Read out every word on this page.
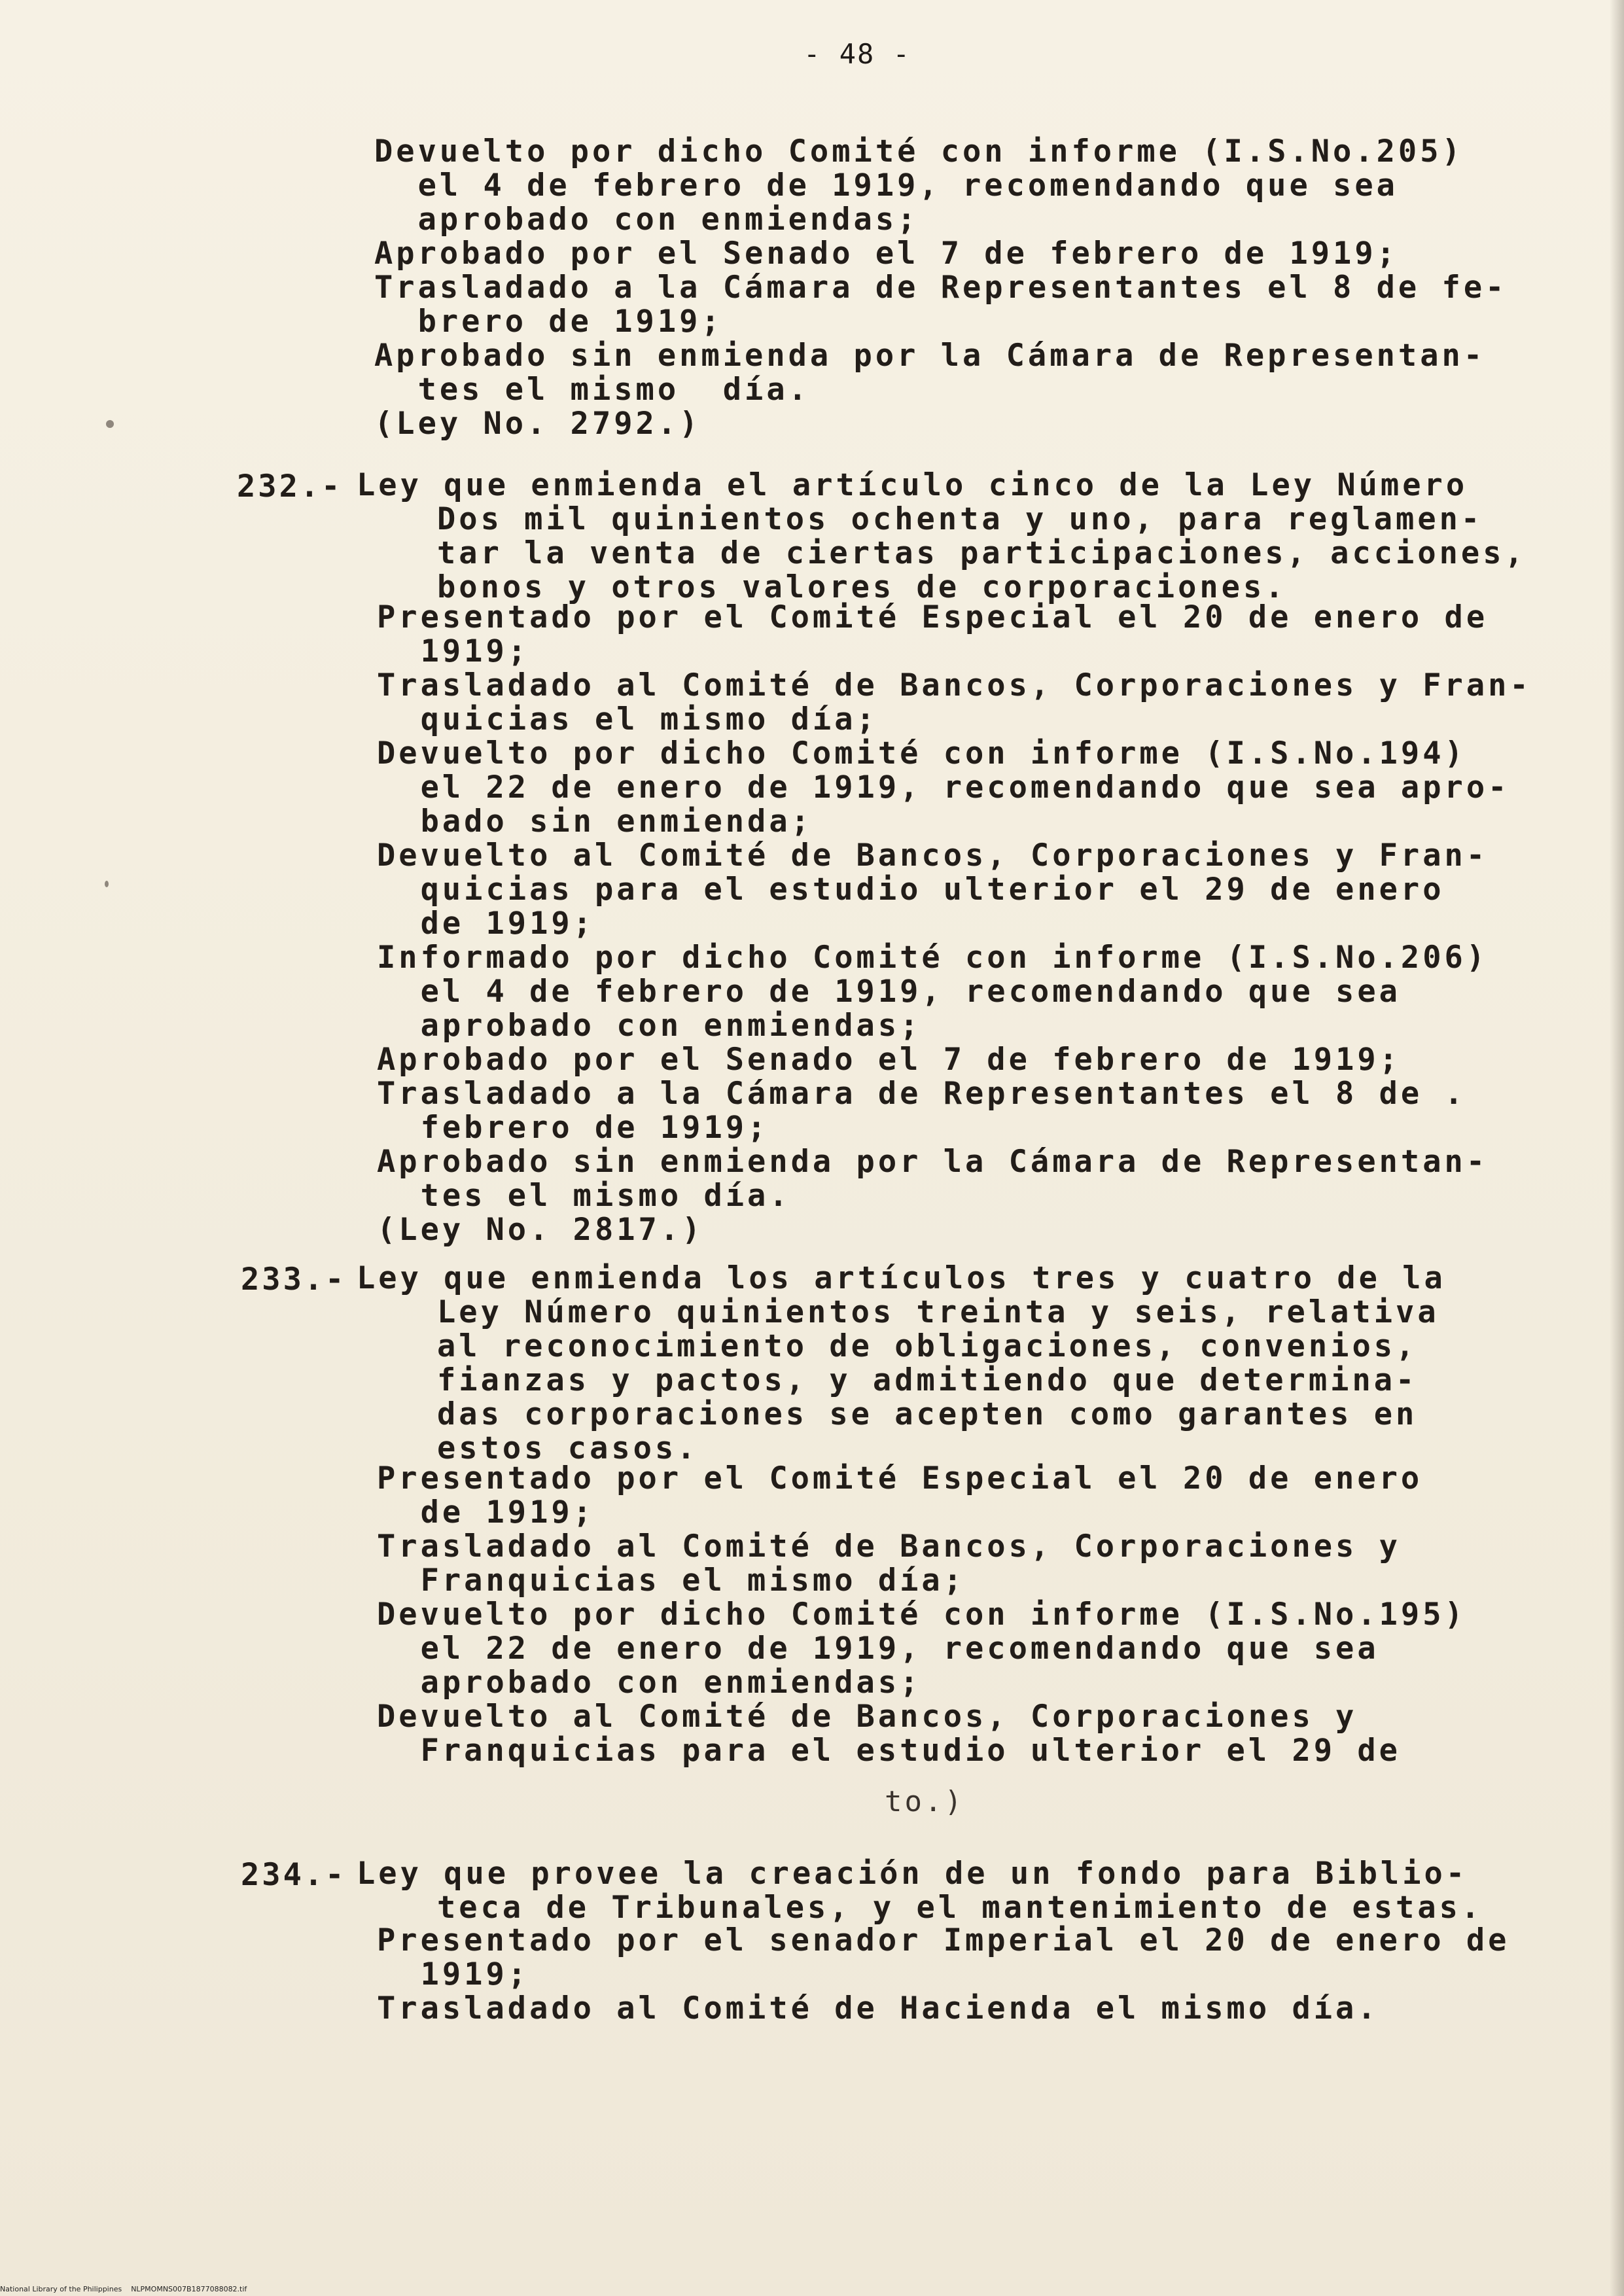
- 48 -
Devuelto por dicho Comité con informe (I.S.No.205)
el 4 de febrero de 1919, recomendando que sea
aprobado con enmiendas;
Aprobado por el Senado el 7 de febrero de 1919;
Trasladado a la Cámara de Representantes el 8 de fe-
brero de 1919;
Aprobado sin enmienda por la Cámara de Representan-
tes el mismo  día.
(Ley No. 2792.)
232.- Ley que enmienda el artículo cinco de la Ley Número
Dos mil quinientos ochenta y uno, para reglamen-
tar la venta de ciertas participaciones, acciones,
bonos y otros valores de corporaciones.
Presentado por el Comité Especial el 20 de enero de
1919;
Trasladado al Comité de Bancos, Corporaciones y Fran-
quicias el mismo día;
Devuelto por dicho Comité con informe (I.S.No.194)
el 22 de enero de 1919, recomendando que sea apro-
bado sin enmienda;
Devuelto al Comité de Bancos, Corporaciones y Fran-
quicias para el estudio ulterior el 29 de enero
de 1919;
Informado por dicho Comité con informe (I.S.No.206)
el 4 de febrero de 1919, recomendando que sea
aprobado con enmiendas;
Aprobado por el Senado el 7 de febrero de 1919;
Trasladado a la Cámara de Representantes el 8 de .
febrero de 1919;
Aprobado sin enmienda por la Cámara de Representan-
tes el mismo día.
(Ley No. 2817.)
233.- Ley que enmienda los artículos tres y cuatro de la
Ley Número quinientos treinta y seis, relativa
al reconocimiento de obligaciones, convenios,
fianzas y pactos, y admitiendo que determina-
das corporaciones se acepten como garantes en
estos casos.
Presentado por el Comité Especial el 20 de enero
de 1919;
Trasladado al Comité de Bancos, Corporaciones y
Franquicias el mismo día;
Devuelto por dicho Comité con informe (I.S.No.195)
el 22 de enero de 1919, recomendando que sea
aprobado con enmiendas;
Devuelto al Comité de Bancos, Corporaciones y
Franquicias para el estudio ulterior el 29 de
234.- Ley que provee la creación de un fondo para Biblio-
teca de Tribunales, y el mantenimiento de estas.
Presentado por el senador Imperial el 20 de enero de
1919;
Trasladado al Comité de Hacienda el mismo día.
to.)
National Library of the Philippines    NLPMOMNS007B1877088082.tif
